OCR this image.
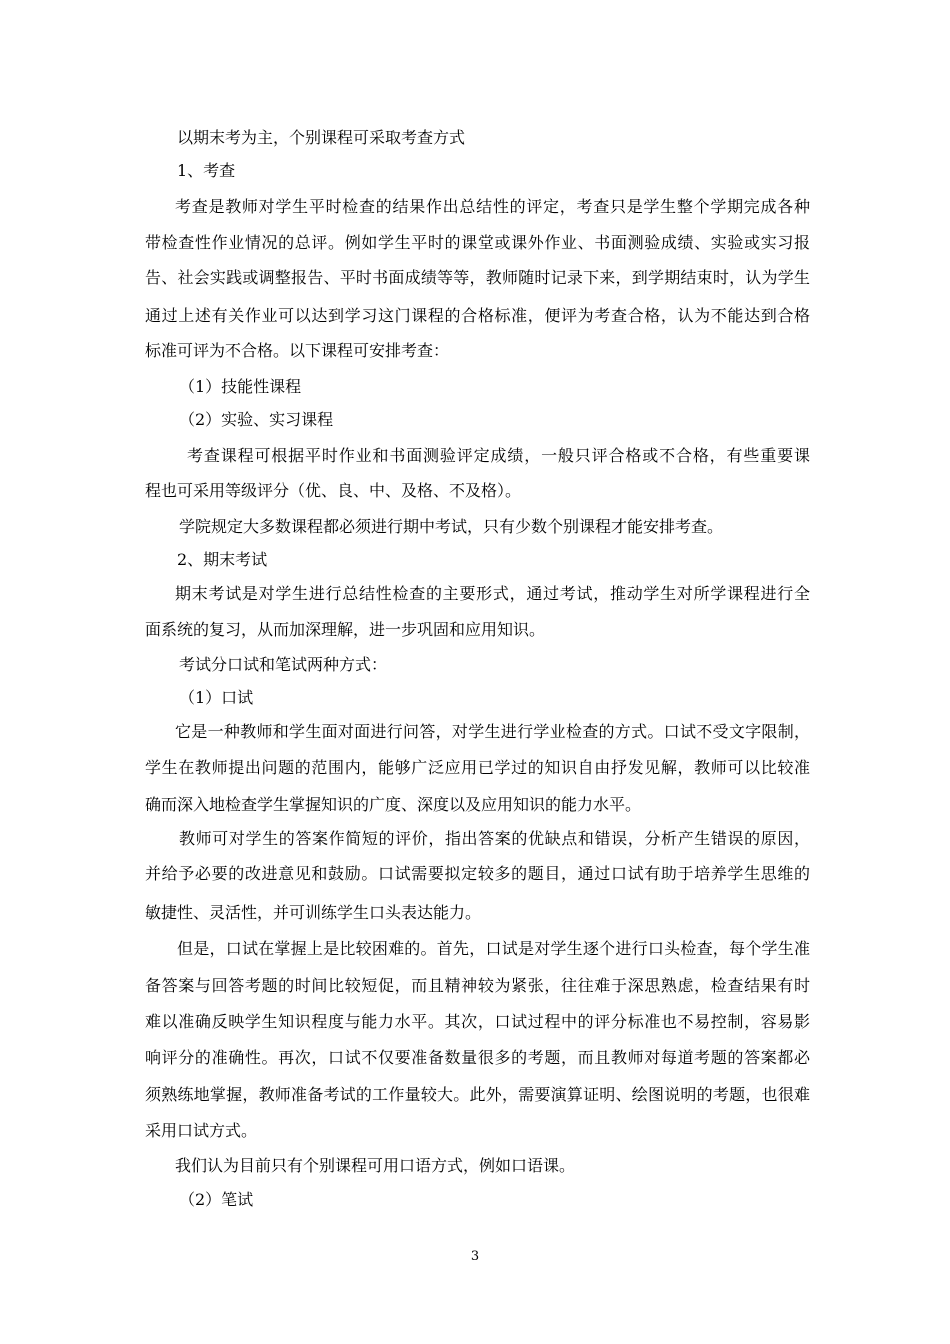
以期末考为主，个别课程可采取考查方式
1、考查
考查是教师对学生平时检查的结果作出总结性的评定，考查只是学生整个学期完成各种
带检查性作业情况的总评。例如学生平时的课堂或课外作业、书面测验成绩、实验或实习报
告、社会实践或调整报告、平时书面成绩等等，教师随时记录下来，到学期结束时，认为学生
通过上述有关作业可以达到学习这门课程的合格标准，便评为考查合格，认为不能达到合格
标准可评为不合格。以下课程可安排考查：
（1）技能性课程
（2）实验、实习课程
考查课程可根据平时作业和书面测验评定成绩，一般只评合格或不合格，有些重要课
程也可采用等级评分（优、良、中、及格、不及格）。
学院规定大多数课程都必须进行期中考试，只有少数个别课程才能安排考查。
2、期末考试
期末考试是对学生进行总结性检查的主要形式，通过考试，推动学生对所学课程进行全
面系统的复习，从而加深理解，进一步巩固和应用知识。
考试分口试和笔试两种方式：
（1）口试
它是一种教师和学生面对面进行问答，对学生进行学业检查的方式。口试不受文字限制，
学生在教师提出问题的范围内，能够广泛应用已学过的知识自由抒发见解，教师可以比较准
确而深入地检查学生掌握知识的广度、深度以及应用知识的能力水平。
教师可对学生的答案作简短的评价，指出答案的优缺点和错误，分析产生错误的原因，
并给予必要的改进意见和鼓励。口试需要拟定较多的题目，通过口试有助于培养学生思维的
敏捷性、灵活性，并可训练学生口头表达能力。
但是，口试在掌握上是比较困难的。首先，口试是对学生逐个进行口头检查，每个学生准
备答案与回答考题的时间比较短促，而且精神较为紧张，往往难于深思熟虑，检查结果有时
难以准确反映学生知识程度与能力水平。其次，口试过程中的评分标准也不易控制，容易影
响评分的准确性。再次，口试不仅要准备数量很多的考题，而且教师对每道考题的答案都必
须熟练地掌握，教师准备考试的工作量较大。此外，需要演算证明、绘图说明的考题，也很难
采用口试方式。
我们认为目前只有个别课程可用口语方式，例如口语课。
（2）笔试
3
